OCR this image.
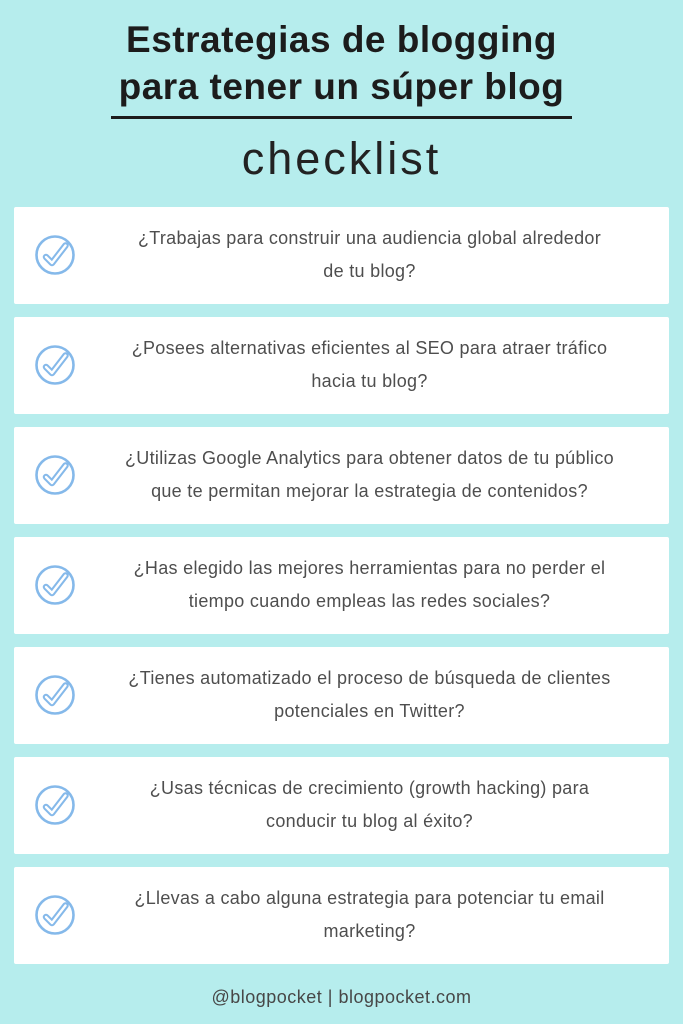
Estrategias de blogging
para tener un súper blog
checklist
¿Trabajas para construir una audiencia global alrededor
de tu blog?
¿Posees alternativas eficientes al SEO para atraer tráfico
hacia tu blog?
¿Utilizas Google Analytics para obtener datos de tu público
que te permitan mejorar la estrategia de contenidos?
¿Has elegido las mejores herramientas para no perder el
tiempo cuando empleas las redes sociales?
¿Tienes automatizado el proceso de búsqueda de clientes
potenciales en Twitter?
¿Usas técnicas de crecimiento (growth hacking) para
conducir tu blog al éxito?
¿Llevas a cabo alguna estrategia para potenciar tu email
marketing?
@blogpocket | blogpocket.com
